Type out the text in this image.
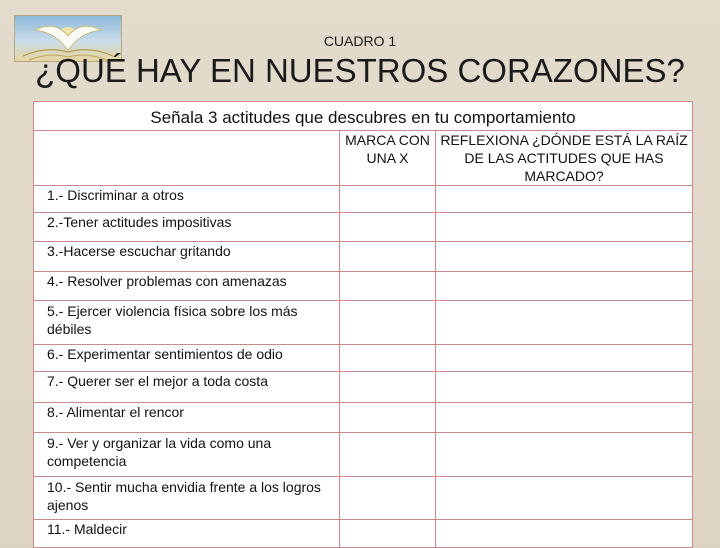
CUADRO 1
¿QUÉ HAY EN NUESTROS CORAZONES?
Señala 3 actitudes que descubres en tu comportamiento		
	MARCA CON UNA X	REFLEXIONA ¿DÓNDE ESTÁ LA RAÍZ DE LAS ACTITUDES QUE HAS MARCADO?
1.- Discriminar a otros		
2.-Tener actitudes impositivas		
3.-Hacerse escuchar gritando		
4.- Resolver problemas con amenazas		
5.- Ejercer violencia física sobre los más débiles		
6.- Experimentar sentimientos de odio		
7.- Querer ser el mejor a toda costa		
8.- Alimentar el rencor		
9.- Ver y organizar la vida como una competencia		
10.- Sentir mucha envidia frente a los logros ajenos		
11.- Maldecir		
